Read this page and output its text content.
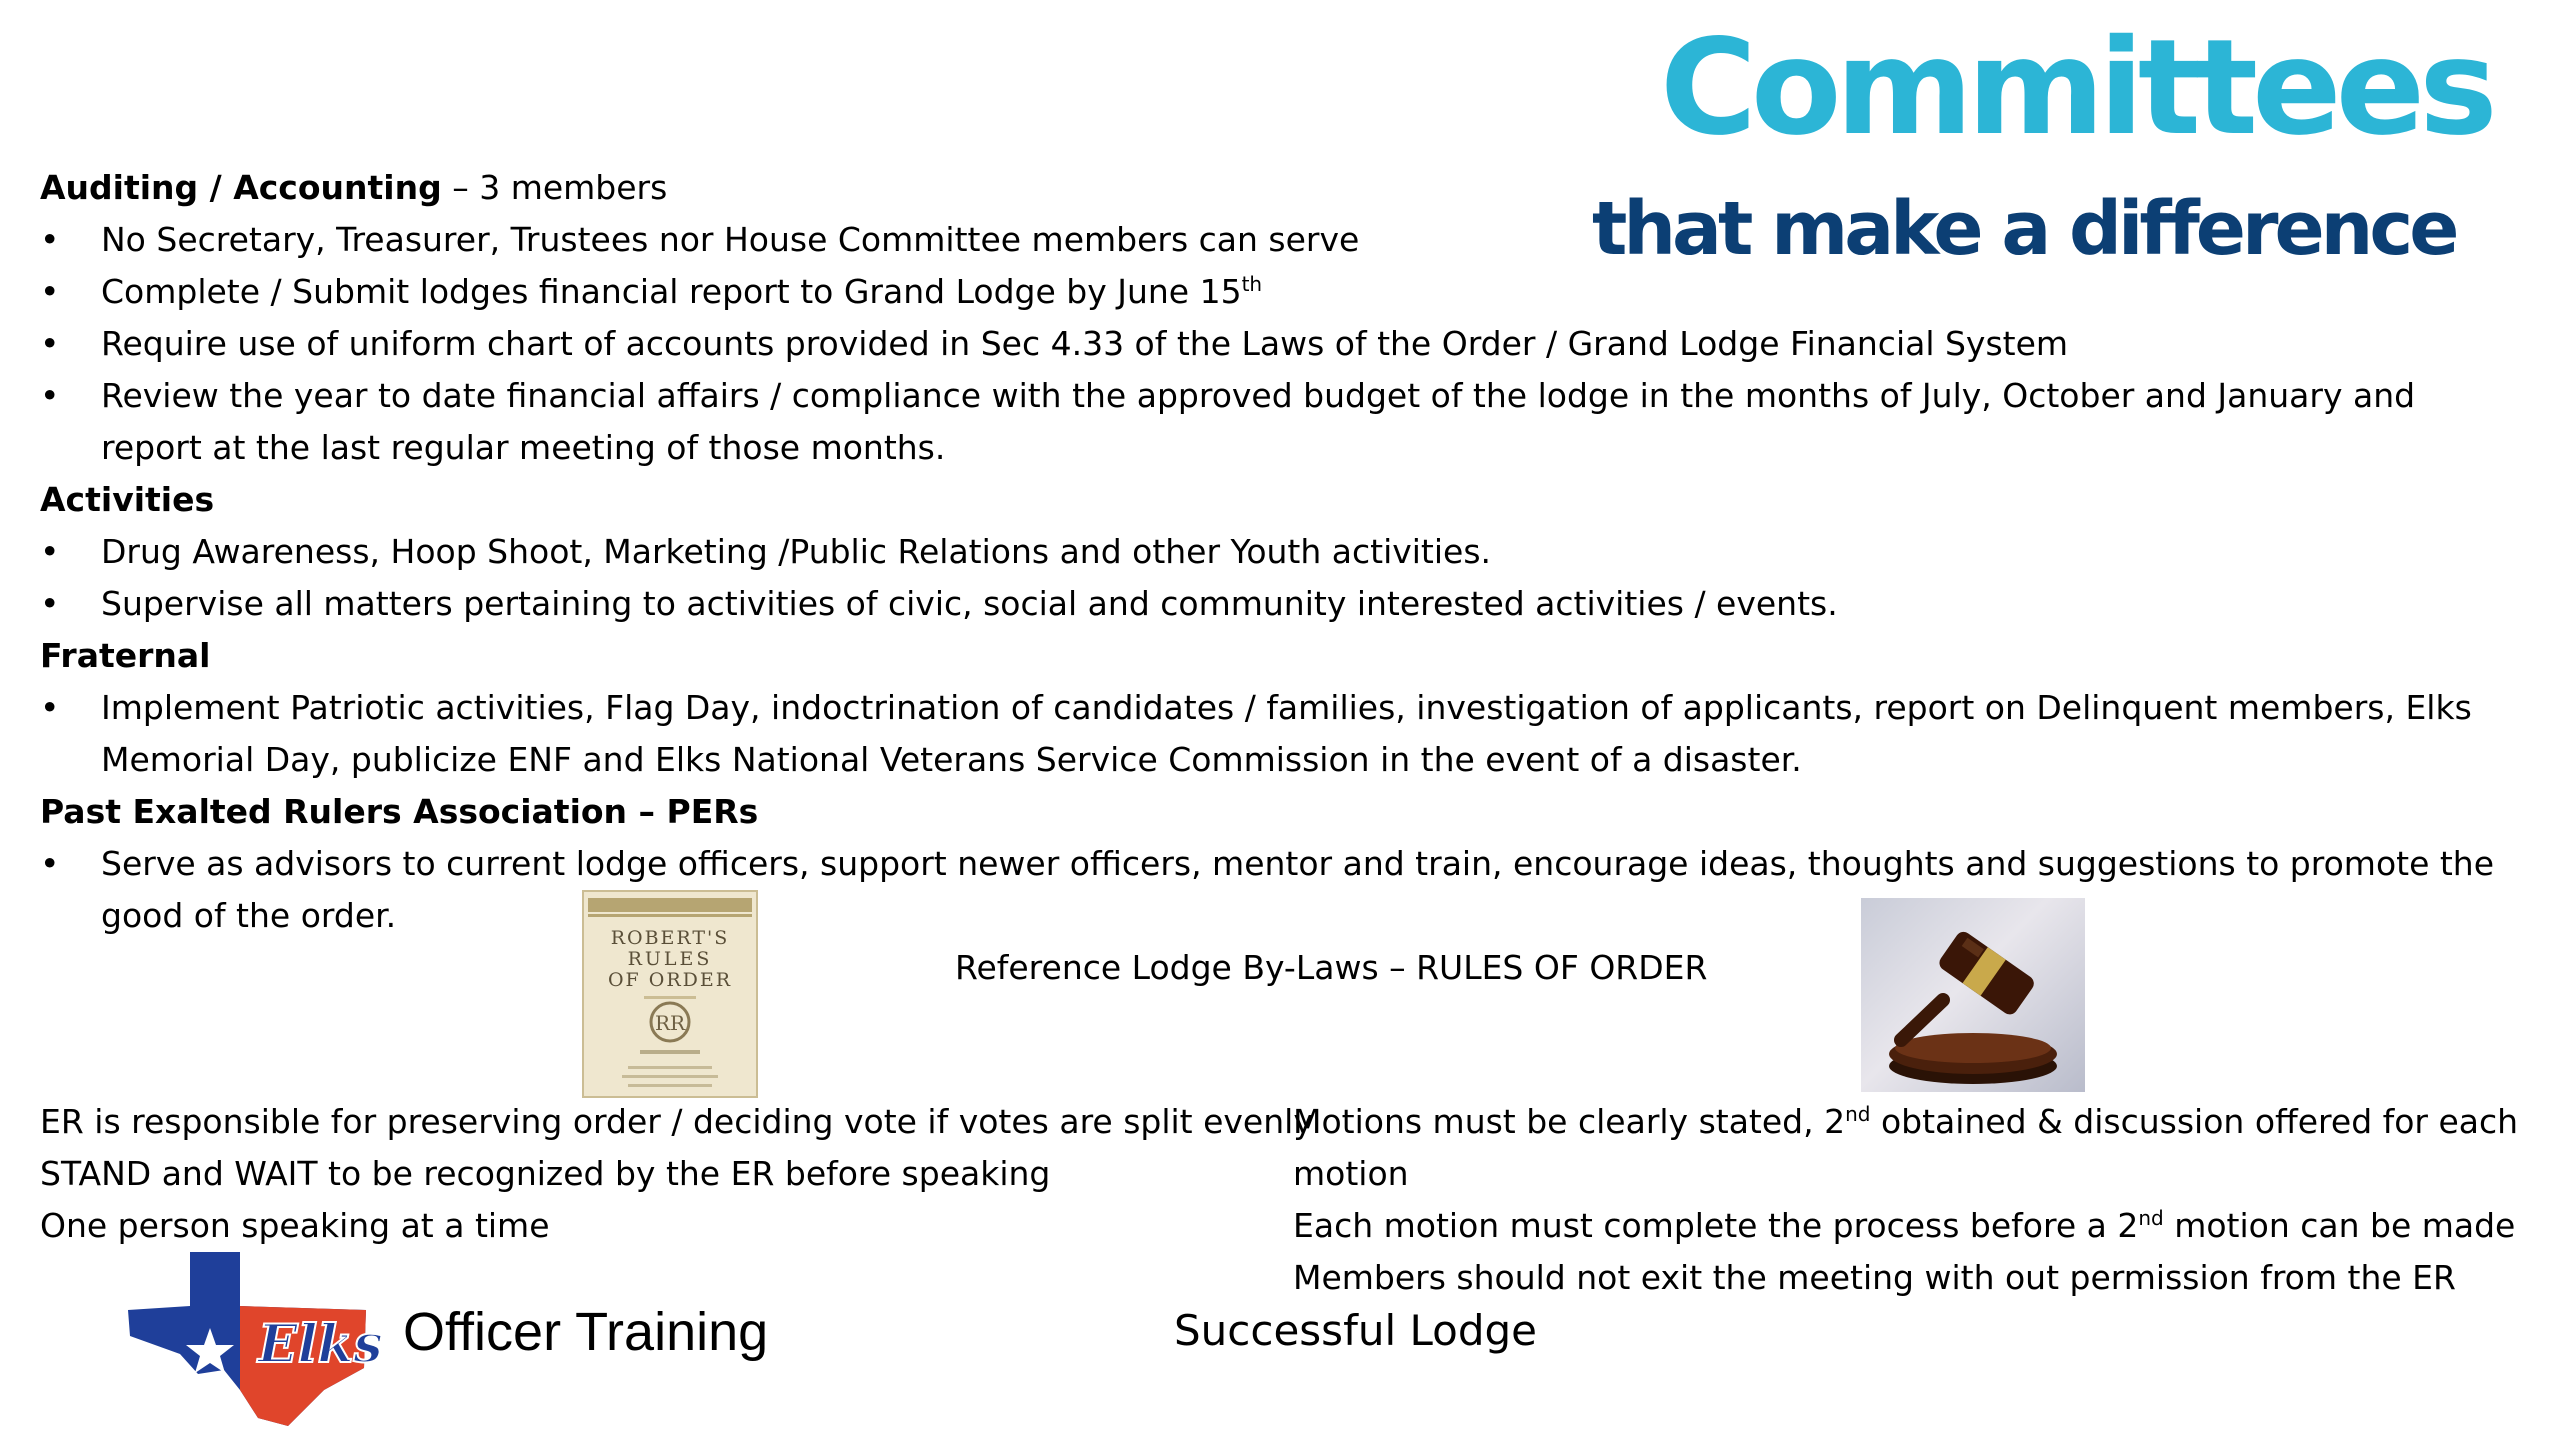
Committees
that make a difference
Auditing / Accounting – 3 members
• No Secretary, Treasurer, Trustees nor House Committee members can serve
• Complete / Submit lodges financial report to Grand Lodge by June 15th
• Require use of uniform chart of accounts provided in Sec 4.33 of the Laws of the Order / Grand Lodge Financial System
• Review the year to date financial affairs / compliance with the approved budget of the lodge in the months of July, October and January and report at the last regular meeting of those months.
Activities
• Drug Awareness, Hoop Shoot, Marketing /Public Relations and other Youth activities.
• Supervise all matters pertaining to activities of civic, social and community interested activities / events.
Fraternal
• Implement Patriotic activities, Flag Day, indoctrination of candidates / families, investigation of applicants, report on Delinquent members, Elks Memorial Day, publicize ENF and Elks National Veterans Service Commission in the event of a disaster.
Past Exalted Rulers Association – PERs
• Serve as advisors to current lodge officers, support newer officers, mentor and train, encourage ideas, thoughts and suggestions to promote the good of the order.
ROBERT'S
RULES
OF ORDER
RR
Reference Lodge By-Laws – RULES OF ORDER
ER is responsible for preserving order / deciding vote if votes are split evenly
STAND and WAIT to be recognized by the ER before speaking
One person speaking at a time
Motions must be clearly stated, 2nd obtained & discussion offered for each motion
Each motion must complete the process before a 2nd motion can be made
Members should not exit the meeting with out permission from the ER
Elks Officer Training	Successful Lodge
